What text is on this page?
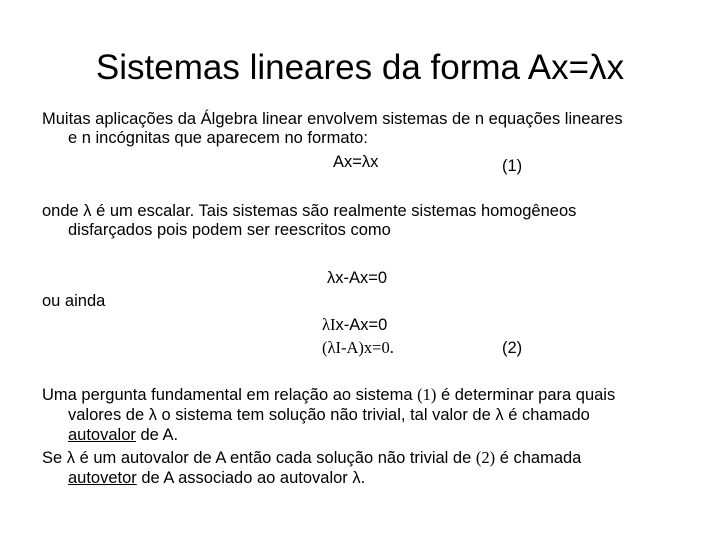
Sistemas lineares da forma Ax=λx
Muitas aplicações da Álgebra linear envolvem sistemas de n equações lineares
e n incógnitas que aparecem no formato:
Ax=λx	(1)
onde λ é um escalar. Tais sistemas são realmente sistemas homogêneos
disfarçados pois podem ser reescritos como
λx-Ax=0
ou ainda
λIx-Ax=0
(λI-A)x=0.	(2)
Uma pergunta fundamental em relação ao sistema (1) é determinar para quais
valores de λ o sistema tem solução não trivial, tal valor de λ é chamado
autovalor de A.
Se λ é um autovalor de A então cada solução não trivial de (2) é chamada
autovetor de A associado ao autovalor λ.
